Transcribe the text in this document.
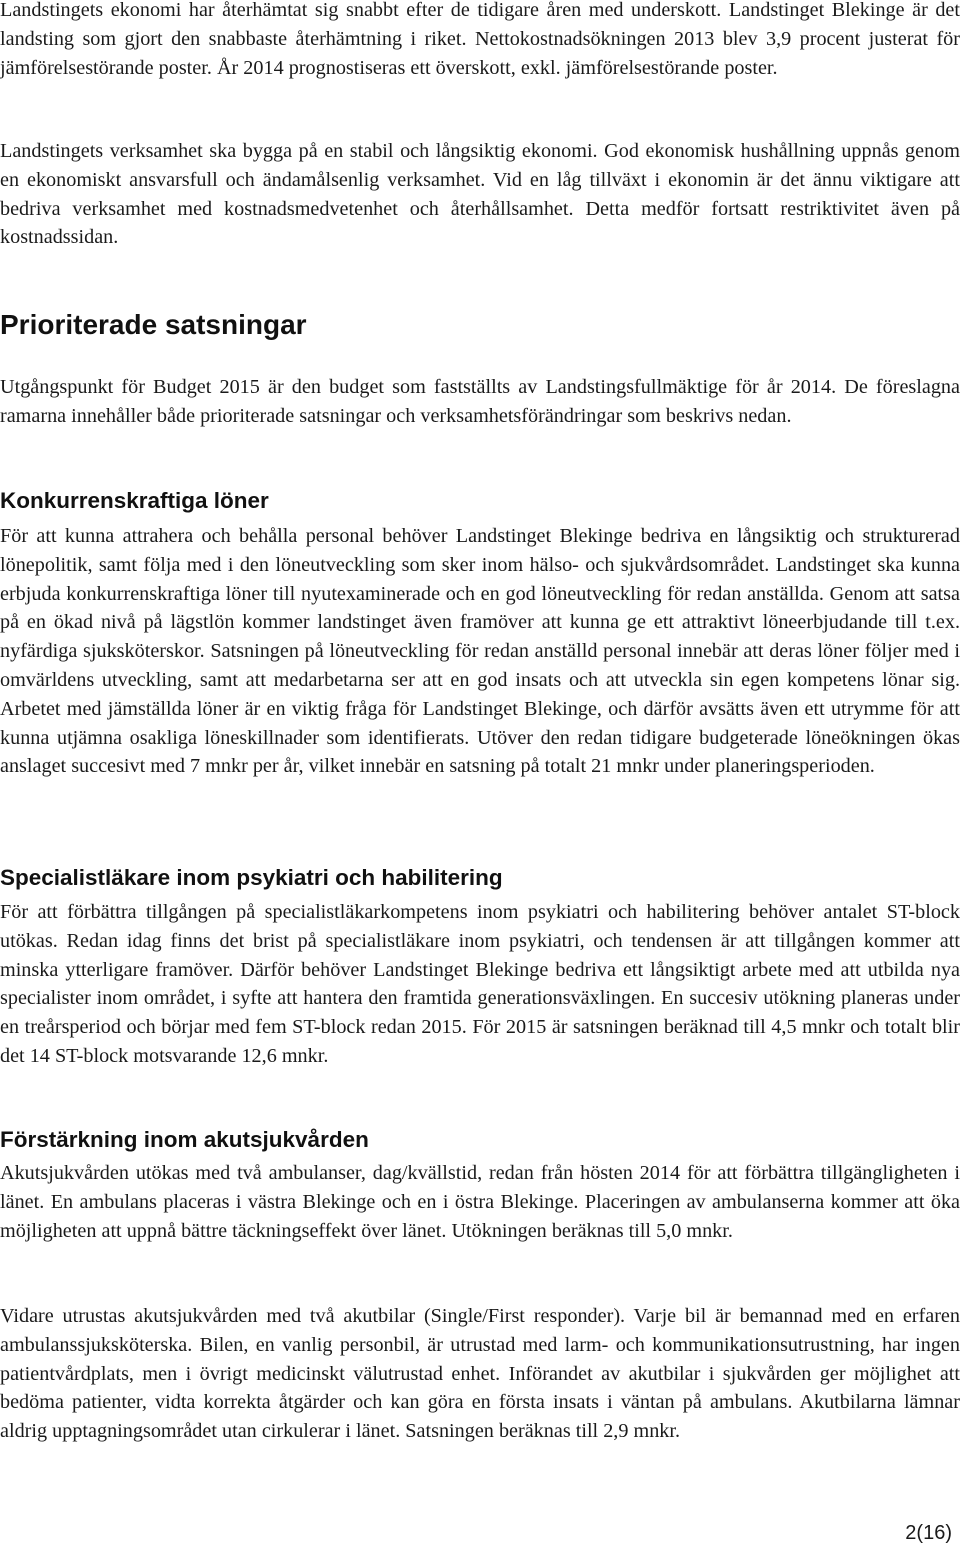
Landstingets ekonomi har återhämtat sig snabbt efter de tidigare åren med underskott. Landstinget Blekinge är det landsting som gjort den snabbaste återhämtning i riket. Nettokostnadsökningen 2013 blev 3,9 procent justerat för jämförelsestörande poster. År 2014 prognostiseras ett överskott, exkl. jämförelsestörande poster.

Landstingets verksamhet ska bygga på en stabil och långsiktig ekonomi. God ekonomisk hushållning uppnås genom en ekonomiskt ansvarsfull och ändamålsenlig verksamhet. Vid en låg tillväxt i ekonomin är det ännu viktigare att bedriva verksamhet med kostnadsmedvetenhet och återhållsamhet. Detta medför fortsatt restriktivitet även på kostnadssidan.

Prioriterade satsningar

Utgångspunkt för Budget 2015 är den budget som fastställts av Landstingsfullmäktige för år 2014. De föreslagna ramarna innehåller både prioriterade satsningar och verksamhetsförändringar som beskrivs nedan.

Konkurrenskraftiga löner

För att kunna attrahera och behålla personal behöver Landstinget Blekinge bedriva en långsiktig och strukturerad lönepolitik, samt följa med i den löneutveckling som sker inom hälso- och sjukvårdsområdet. Landstinget ska kunna erbjuda konkurrenskraftiga löner till nyutexaminerade och en god löneutveckling för redan anställda. Genom att satsa på en ökad nivå på lägstlön kommer landstinget även framöver att kunna ge ett attraktivt löneerbjudande till t.ex. nyfärdiga sjuksköterskor. Satsningen på löneutveckling för redan anställd personal innebär att deras löner följer med i omvärldens utveckling, samt att medarbetarna ser att en god insats och att utveckla sin egen kompetens lönar sig. Arbetet med jämställda löner är en viktig fråga för Landstinget Blekinge, och därför avsätts även ett utrymme för att kunna utjämna osakliga löneskillnader som identifierats. Utöver den redan tidigare budgeterade löneökningen ökas anslaget succesivt med 7 mnkr per år, vilket innebär en satsning på totalt 21 mnkr under planeringsperioden.

Specialistläkare inom psykiatri och habilitering

För att förbättra tillgången på specialistläkarkompetens inom psykiatri och habilitering behöver antalet ST-block utökas. Redan idag finns det brist på specialistläkare inom psykiatri, och tendensen är att tillgången kommer att minska ytterligare framöver. Därför behöver Landstinget Blekinge bedriva ett långsiktigt arbete med att utbilda nya specialister inom området, i syfte att hantera den framtida generationsväxlingen. En succesiv utökning planeras under en treårsperiod och börjar med fem ST-block redan 2015. För 2015 är satsningen beräknad till 4,5 mnkr och totalt blir det 14 ST-block motsvarande 12,6 mnkr.

Förstärkning inom akutsjukvården

Akutsjukvården utökas med två ambulanser, dag/kvällstid, redan från hösten 2014 för att förbättra tillgängligheten i länet. En ambulans placeras i västra Blekinge och en i östra Blekinge. Placeringen av ambulanserna kommer att öka möjligheten att uppnå bättre täckningseffekt över länet. Utökningen beräknas till 5,0 mnkr.

Vidare utrustas akutsjukvården med två akutbilar (Single/First responder). Varje bil är bemannad med en erfaren ambulanssjuksköterska. Bilen, en vanlig personbil, är utrustad med larm- och kommunikationsutrustning, har ingen patientvårdplats, men i övrigt medicinskt välutrustad enhet. Införandet av akutbilar i sjukvården ger möjlighet att bedöma patienter, vidta korrekta åtgärder och kan göra en första insats i väntan på ambulans. Akutbilarna lämnar aldrig upptagningsområdet utan cirkulerar i länet. Satsningen beräknas till 2,9 mnkr.

2(16)
